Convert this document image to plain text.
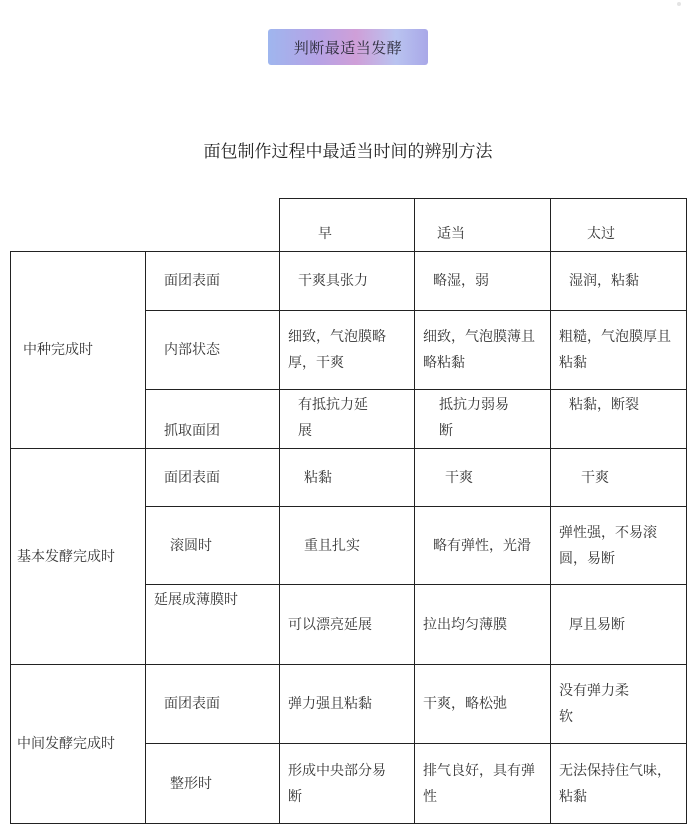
判断最适当发酵
面包制作过程中最适当时间的辨别方法
		早	适当	太过
中种完成时	面团表面	干爽具张力	略湿，弱	湿润，粘黏
	内部状态	细致，气泡膜略厚，干爽	细致，气泡膜薄且略粘黏	粗糙，气泡膜厚且粘黏
	抓取面团	有抵抗力延展	抵抗力弱易断	粘黏，断裂
基本发酵完成时	面团表面	粘黏	干爽	干爽
	滚圆时	重且扎实	略有弹性，光滑	弹性强，不易滚圆，易断
	延展成薄膜时	可以漂亮延展	拉出均匀薄膜	厚且易断
中间发酵完成时	面团表面	弹力强且粘黏	干爽，略松弛	没有弹力柔软
	整形时	形成中央部分易断	排气良好，具有弹性	无法保持住气味，粘黏
